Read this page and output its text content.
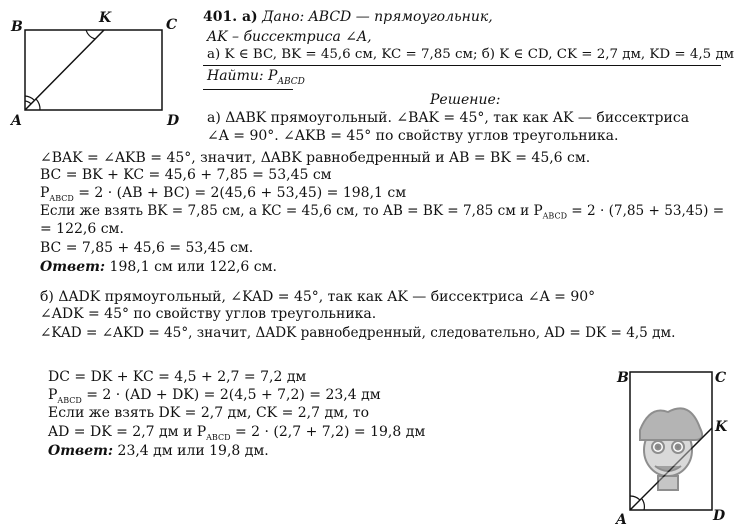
B
K	C
A	D
B	C
K
A	D
401. а) Дано: ABCD — прямоугольник,
AK – биссектриса ∠A,
а) K ∈ BC, BK = 45,6 см, KC = 7,85 см; б) K ∈ CD, CK = 2,7 дм, KD = 4,5 дм
Найти: $P_{ABCD}$
Решение:
а) ΔABK прямоугольный. ∠BAK = 45°, так как AK — биссектриса
∠A = 90°. ∠AKB = 45° по свойству углов треугольника.
∠BAK = ∠AKB = 45°, значит, ΔABK равнобедренный и AB = BK = 45,6 см.
BC = BK + KC = 45,6 + 7,85 = 53,45 см
$P_{ABCD} = 2 \cdot (AB + BC) = 2(45,6 + 53,45) = 198,1$ см
Если же взять BK = 7,85 см, а KC = 45,6 см, то AB = BK = 7,85 см и $P_{ABCD} = 2 \cdot (7,85 + 53,45)$ =
= 122,6 см.
BC = 7,85 + 45,6 = 53,45 см.
Ответ: 198,1 см или 122,6 см.
б) ΔADK прямоугольный, ∠KAD = 45°, так как AK — биссектриса ∠A = 90°
∠ADK = 45° по свойству углов треугольника.
∠KAD = ∠AKD = 45°, значит, ΔADK равнобедренный, следовательно, AD = DK = 4,5 дм.
DC = DK + KC = 4,5 + 2,7 = 7,2 дм
$P_{ABCD} = 2 \cdot (AD + DK) = 2(4,5 + 7,2) = 23,4$ дм
Если же взять DK = 2,7 дм, CK = 2,7 дм, то
AD = DK = 2,7 дм и $P_{ABCD} = 2 \cdot (2,7 + 7,2) = 19,8$ дм
Ответ: 23,4 дм или 19,8 дм.
